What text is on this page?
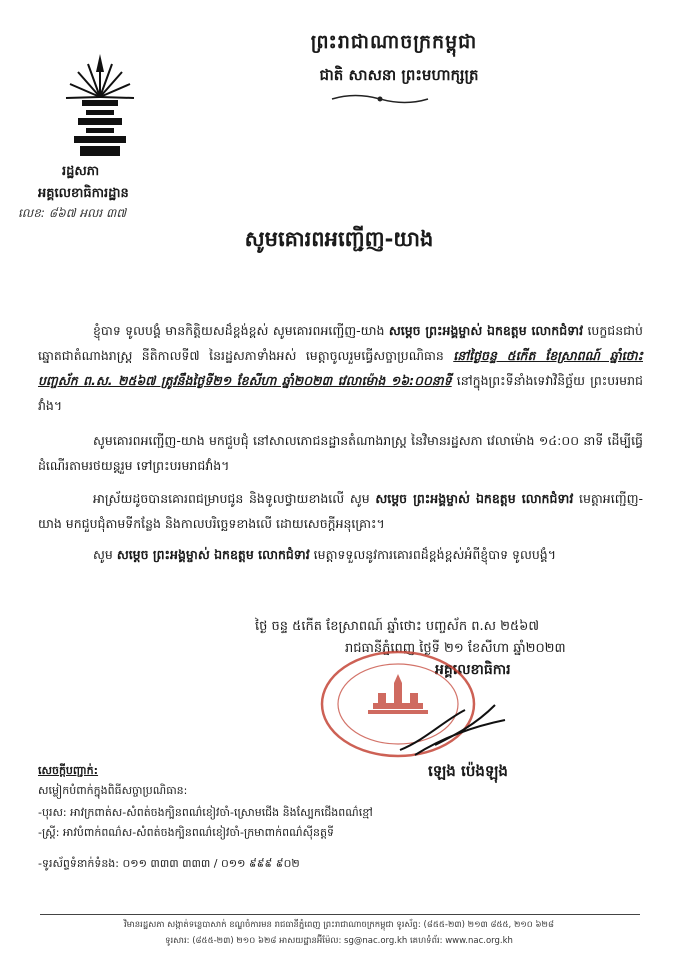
ព្រះរាជាណាចក្រកម្ពុជា
ជាតិ សាសនា ព្រះមហាក្សត្រ
រដ្ឋសភា
អគ្គលេខាធិការដ្ឋាន
លេខ: ៨៦៧ អលរ ៣៧
សូមគោរពអញ្ជើញ-យាង
ខ្ញុំបាទ ទូលបង្គំ មានកិត្តិយសដ៏ខ្ពង់ខ្ពស់ សូមគោរពអញ្ជើញ-យាង សម្តេច ព្រះអង្គម្ចាស់ ឯកឧត្តម លោកជំទាវ បេក្ខជនជាប់ឆ្នោតជាតំណាងរាស្ត្រ នីតិកាលទី៧ នៃរដ្ឋសភាទាំងអស់ មេត្តាចូលរួមធ្វើសច្ចាប្រណិធាន នៅថ្ងៃចន្ទ ៥កើត ខែស្រាពណ៍ ឆ្នាំថោះ បញ្ចស័ក ព.ស. ២៥៦៧ ត្រូវនឹងថ្ងៃទី២១ ខែសីហា ឆ្នាំ២០២៣ វេលាម៉ោង ១៦:០០នាទី នៅក្នុងព្រះទីនាំងទេវាវិនិច្ឆ័យ ព្រះបរមរាជវាំង។
សូមគោរពអញ្ជើញ-យាង មកជួបជុំ នៅសាលភោជនដ្ឋានតំណាងរាស្ត្រ នៃវិមានរដ្ឋសភា វេលាម៉ោង ១៤:០០ នាទី ដើម្បីធ្វើដំណើរតាមរថយន្តរួម ទៅព្រះបរមរាជវាំង។
អាស្រ័យដូចបានគោរពជម្រាបជូន និងទូលថ្វាយខាងលើ សូម សម្តេច ព្រះអង្គម្ចាស់ ឯកឧត្តម លោកជំទាវ មេត្តាអញ្ជើញ-យាង មកជួបជុំតាមទីកន្លែង និងកាលបរិច្ឆេទខាងលើ ដោយសេចក្តីអនុគ្រោះ។
សូម សម្តេច ព្រះអង្គម្ចាស់ ឯកឧត្តម លោកជំទាវ មេត្តាទទួលនូវការគោរពដ៏ខ្ពង់ខ្ពស់អំពីខ្ញុំបាទ ទូលបង្គំ។
ថ្ងៃ ចន្ទ ៥កើត ខែស្រាពណ៍ ឆ្នាំថោះ បញ្ចស័ក ព.ស ២៥៦៧
រាជធានីភ្នំពេញ ថ្ងៃទី ២១ ខែសីហា ឆ្នាំ២០២៣
អគ្គលេខាធិការ
ឡេង ប៉េងឡុង
សេចក្តីបញ្ជាក់:
សម្លៀកបំពាក់ក្នុងពិធីសច្ចាប្រណិធាន:
-បុរស: អាវក្រពាត់ស-សំពត់ចងក្បិនពណ៌ខៀវចាំ-ស្រោមជើង និងស្បែកជើងពណ៌ខ្មៅ
-ស្ត្រី: អាវបំពាក់ពណ៌ស-សំពត់ចងក្បិនពណ៌ខៀវចាំ-ក្រមាពាក់ពណ៌ស៊ីនត្តទី
-ទូរស័ព្ទទំនាក់ទំនង: ០១១ ៣៣៣ ៣៣៣ / ០១១ ៩៩៩ ៩០២
វិមានរដ្ឋសភា សង្កាត់ទន្លេបាសាក់ ខណ្ឌចំការមន រាជធានីភ្នំពេញ ព្រះរាជាណាចក្រកម្ពុជា ទូរស័ព្ទ: (៨៥៥-២៣) ២១៣ ៨៥៥, ២១០ ៦២៨
ទូរសារ: (៨៥៥-២៣) ២១០ ៦២៨ អាសយដ្ឋានអ៊ីម៉ែល: sg@nac.org.kh គេហទំព័រ: www.nac.org.kh
